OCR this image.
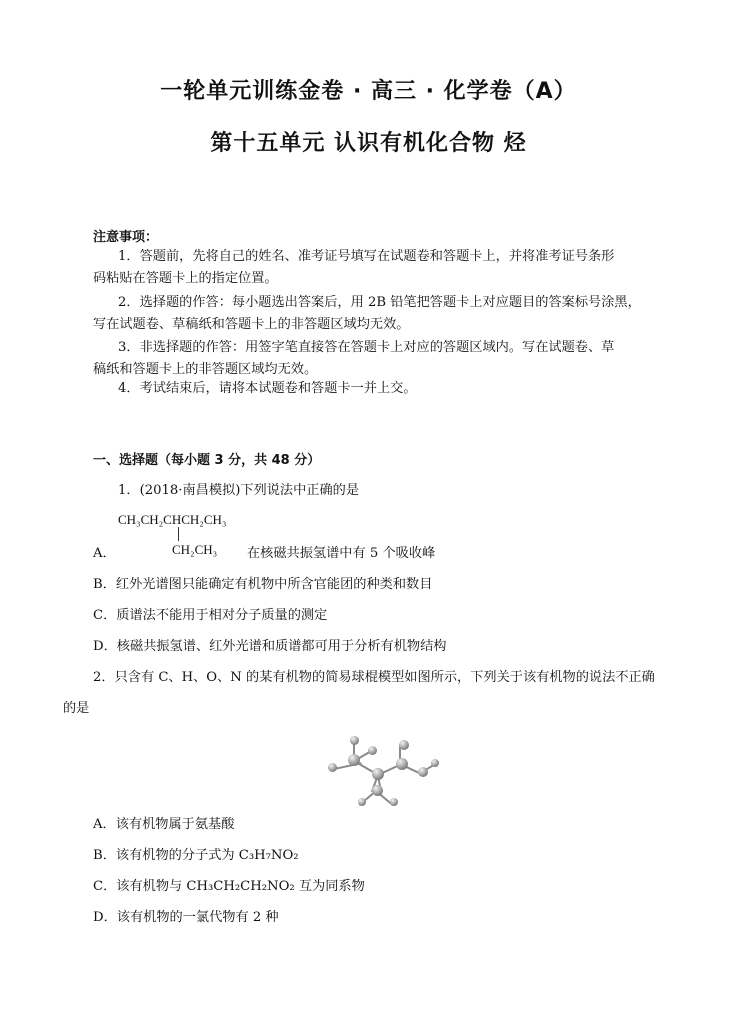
一轮单元训练金卷 · 高三 · 化学卷（A）
第十五单元 认识有机化合物 烃
注意事项：
1．答题前，先将自己的姓名、准考证号填写在试题卷和答题卡上，并将准考证号条形
码粘贴在答题卡上的指定位置。
2．选择题的作答：每小题选出答案后，用 2B 铅笔把答题卡上对应题目的答案标号涂黑，
写在试题卷、草稿纸和答题卡上的非答题区域均无效。
3．非选择题的作答：用签字笔直接答在答题卡上对应的答题区域内。写在试题卷、草
稿纸和答题卡上的非答题区域均无效。
4．考试结束后，请将本试题卷和答题卡一并上交。
一、选择题（每小题 3 分，共 48 分）
1．(2018·南昌模拟)下列说法中正确的是
CH₃CH₂CHCH₂CH₃
CH₂CH₃
A．	在核磁共振氢谱中有 5 个吸收峰
B．红外光谱图只能确定有机物中所含官能团的种类和数目
C．质谱法不能用于相对分子质量的测定
D．核磁共振氢谱、红外光谱和质谱都可用于分析有机物结构
2．只含有 C、H、O、N 的某有机物的简易球棍模型如图所示，下列关于该有机物的说法不正确
的是
A．该有机物属于氨基酸
B．该有机物的分子式为 C₃H₇NO₂
C．该有机物与 CH₃CH₂CH₂NO₂ 互为同系物
D．该有机物的一氯代物有 2 种
